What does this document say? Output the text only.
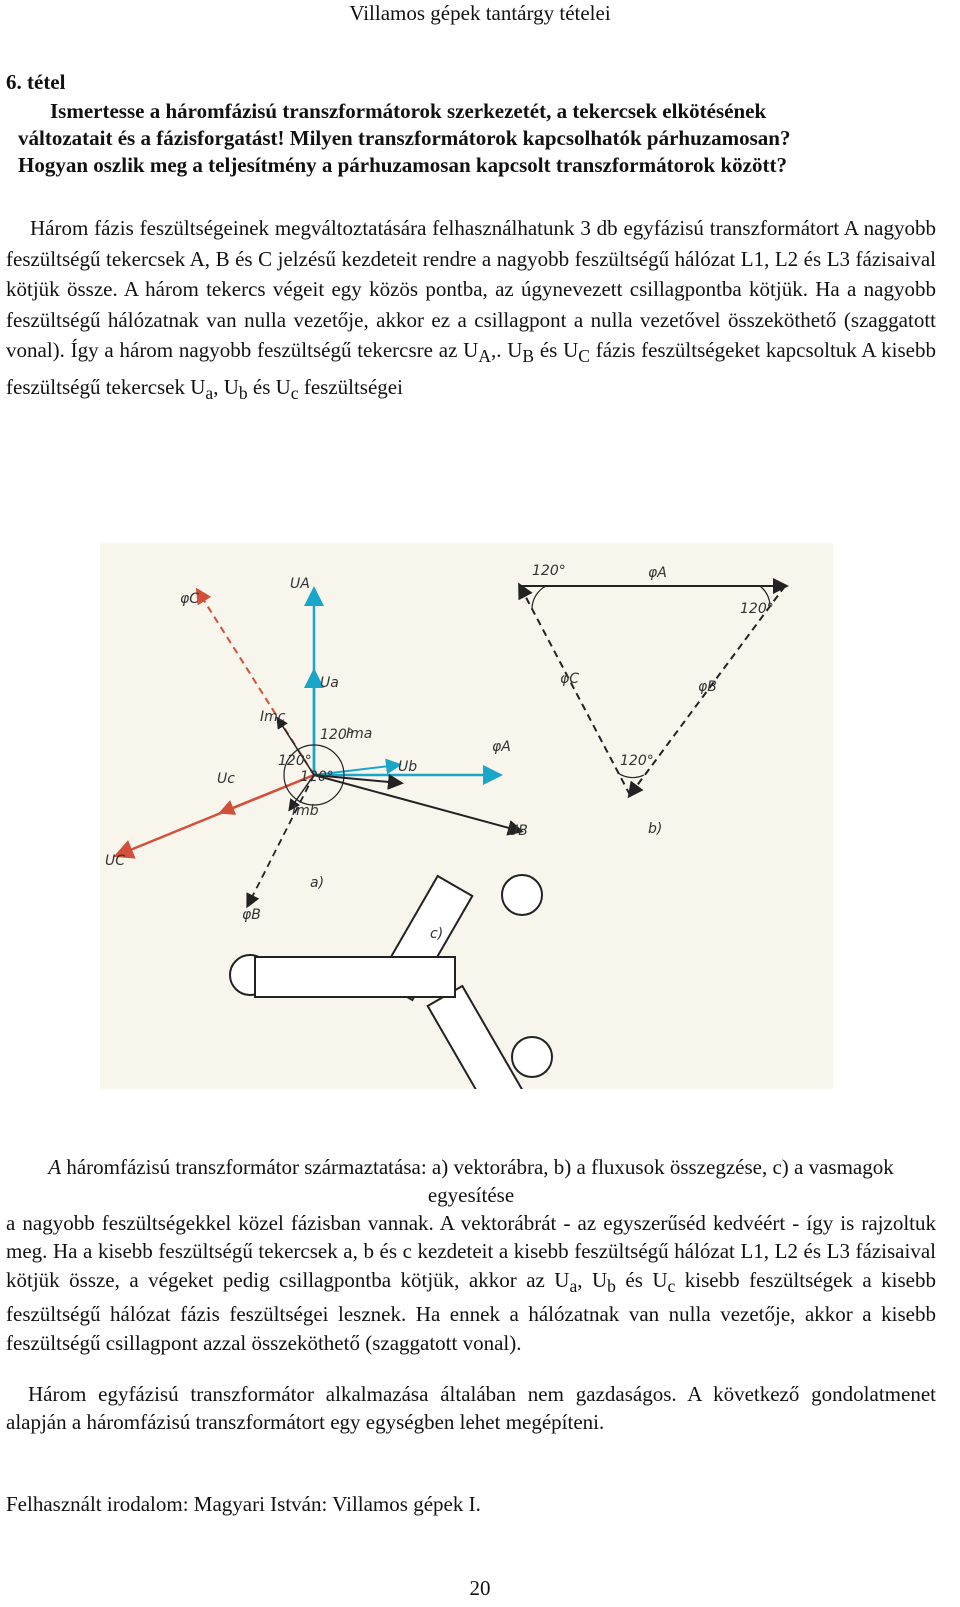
Villamos gépek tantárgy tételei
6. tétel
Ismertesse a háromfázisú transzformátorok szerkezetét, a tekercsek elkötésének
változatait és a fázisforgatást! Milyen transzformátorok kapcsolhatók párhuzamosan?
Hogyan oszlik meg a teljesítmény a párhuzamosan kapcsolt transzformátorok között?
Három fázis feszültségeinek megváltoztatására felhasználhatunk 3 db egyfázisú transzformátort A nagyobb feszültségű tekercsek A, B és C jelzésű kezdeteit rendre a nagyobb feszültségű hálózat L1, L2 és L3 fázisaival kötjük össze. A három tekercs végeit egy közös pontba, az úgynevezett csillagpontba kötjük. Ha a nagyobb feszültségű hálózatnak van nulla vezetője, akkor ez a csillagpont a nulla vezetővel összeköthető (szaggatott vonal). Így a három nagyobb feszültségű tekercsre az $U_A$,. $U_B$ és $U_C$ fázis feszültségeket kapcsoltuk A kisebb feszültségű tekercsek $U_a$, $U_b$ és $U_c$ feszültségei
φC
UA
Ua
Imc
Ima
φA
Uc
Ub
Imb
UB
UC
φB
a)
120°
120°
120°
φA
φC	φB
b)
120°
120°
120°
c)
A háromfázisú transzformátor származtatása: a) vektorábra, b) a fluxusok összegzése, c) a vasmagok egyesítése
a nagyobb feszültségekkel közel fázisban vannak. A vektorábrát - az egyszerűséd kedvéért - így is rajzoltuk meg. Ha a kisebb feszültségű tekercsek a, b és c kezdeteit a kisebb feszültségű hálózat L1, L2 és L3 fázisaival kötjük össze, a végeket pedig csillagpontba kötjük, akkor az $U_a$, $U_b$ és $U_c$ kisebb feszültségek a kisebb feszültségű hálózat fázis feszültségei lesznek. Ha ennek a hálózatnak van nulla vezetője, akkor a kisebb feszültségű csillagpont azzal összeköthető (szaggatott vonal).
Három egyfázisú transzformátor alkalmazása általában nem gazdaságos. A következő gondolatmenet alapján a háromfázisú transzformátort egy egységben lehet megépíteni.
Felhasznált irodalom: Magyari István: Villamos gépek I.
20
